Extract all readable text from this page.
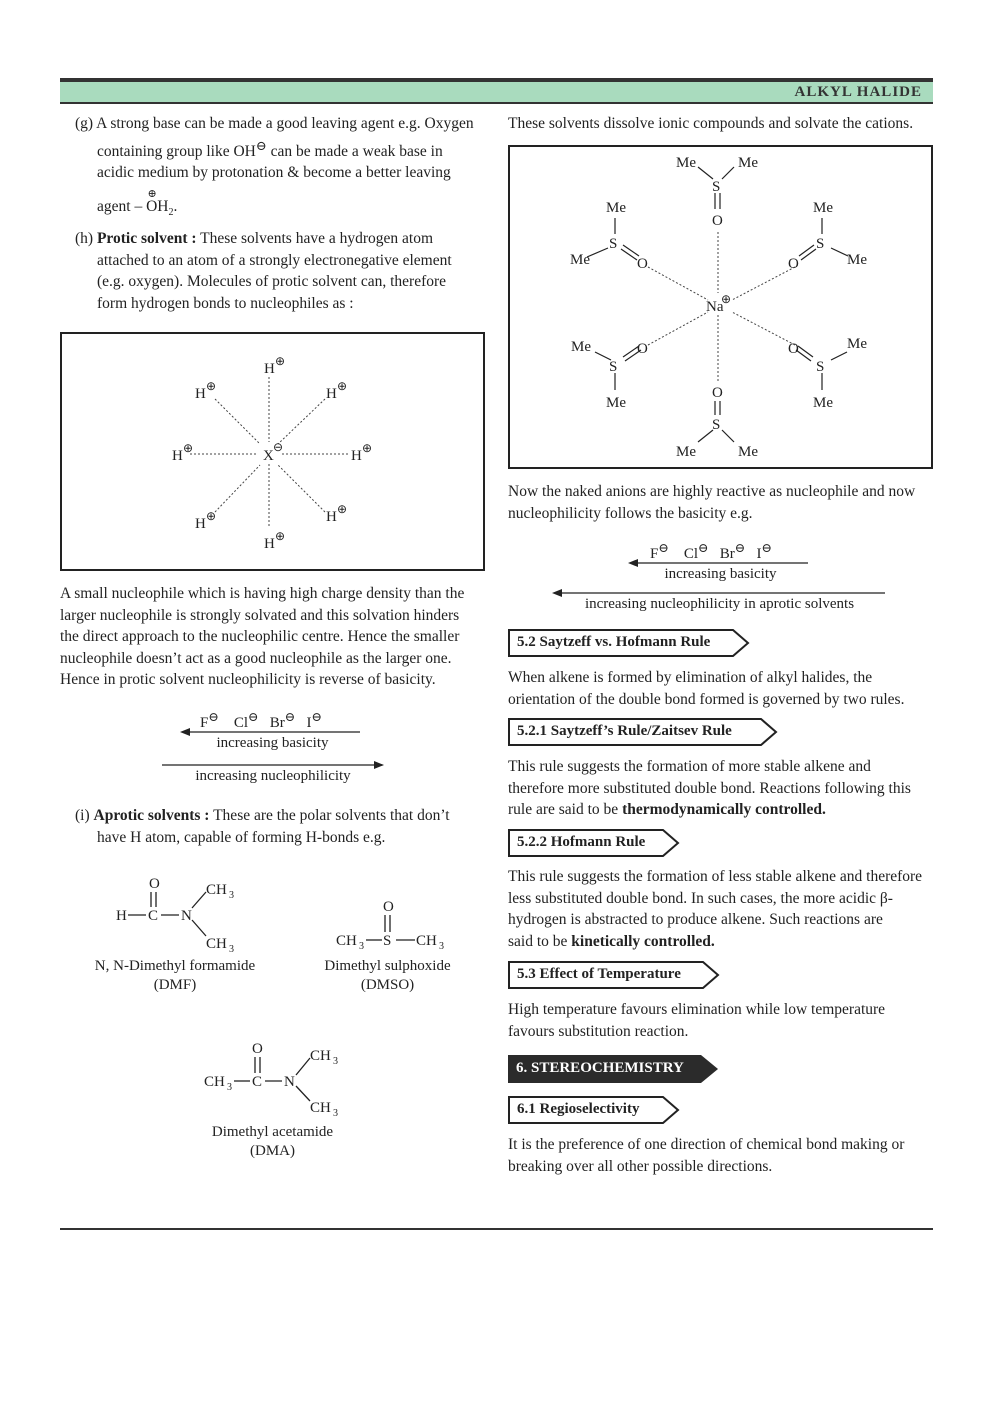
ALKYL HALIDE
(g) A strong base can be made a good leaving agent e.g. Oxygen
containing group like OH⊖ can be made a weak base in
acidic medium by protonation & become a better leaving
agent
⊕
– $OH_2$.
(h) Protic solvent : These solvents have a hydrogen atom
attached to an atom of a strongly electronegative element
(e.g. oxygen). Molecules of protic solvent can, therefore
form hydrogen bonds to nucleophiles as :
X
⊖
H ⊕
H ⊕	H ⊕
H ⊕	H ⊕
H ⊕	H ⊕
H ⊕
A small nucleophile which is having high charge density than the
larger nucleophile is strongly solvated and this solvation hinders
the direct approach to the nucleophilic centre. Hence the smaller
nucleophile doesn’t act as a good nucleophile as the larger one.
Hence in protic solvent nucleophilicity is reverse of basicity.
F⊖ Cl⊖ Br⊖ I⊖
increasing basicity
increasing nucleophilicity
(i) Aprotic solvents : These are the polar solvents that don’t
have H atom, capable of forming H-bonds e.g.
O
H C N
CH 3
CH 3
N, N-Dimethyl formamide
(DMF)
O
S
CH 3	CH 3
Dimethyl sulphoxide
(DMSO)
O
CH 3 C N
CH 3
CH 3
Dimethyl acetamide
(DMA)
These solvents dissolve ionic compounds and solvate the cations.
Na
⊕
Me	Me
S
O
O
S
Me	Me
Me
S
Me	O
Me
S
Me
O
Me
S
Me
O	Me
S
Me
O
Now the naked anions are highly reactive as nucleophile and now
nucleophilicity follows the basicity e.g.
F⊖ Cl⊖ Br⊖ I⊖
increasing basicity
increasing nucleophilicity in aprotic solvents
5.2 Saytzeff vs. Hofmann Rule
When alkene is formed by elimination of alkyl halides, the
orientation of the double bond formed is governed by two rules.
5.2.1 Saytzeff’s Rule/Zaitsev Rule
This rule suggests the formation of more stable alkene and
therefore more substituted double bond. Reactions following this
rule are said to be thermodynamically controlled.
5.2.2 Hofmann Rule
This rule suggests the formation of less stable alkene and therefore
less substituted double bond. In such cases, the more acidic β-
hydrogen is abstracted to produce alkene. Such reactions are
said to be kinetically controlled.
5.3 Effect of Temperature
High temperature favours elimination while low temperature
favours substitution reaction.
6. STEREOCHEMISTRY
6.1 Regioselectivity
It is the preference of one direction of chemical bond making or
breaking over all other possible directions.
